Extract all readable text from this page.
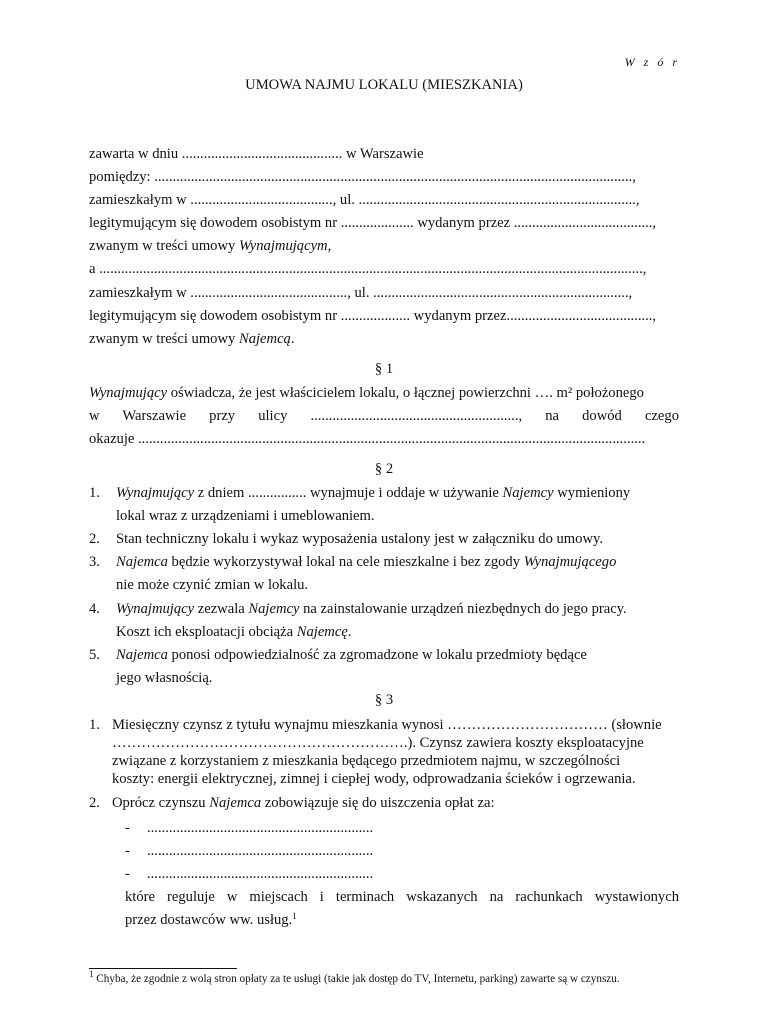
W z ó r
UMOWA NAJMU LOKALU (MIESZKANIA)
zawarta w dniu ............................................ w Warszawie
pomiędzy: ...................................................................................................................................,
zamieszkałym w ......................................., ul. ............................................................................,
legitymującym się dowodem osobistym nr .................... wydanym przez ......................................,
zwanym w treści umowy Wynajmującym,
a .....................................................................................................................................................,
zamieszkałym w ..........................................., ul. ......................................................................,
legitymującym się dowodem osobistym nr ................... wydanym przez........................................,
zwanym w treści umowy Najemcą.
§ 1
Wynajmujący oświadcza, że jest właścicielem lokalu, o łącznej powierzchni …. m² położonego
w Warszawie przy ulicy ........................................................., na dowód czego
okazuje ...........................................................................................................................................
§ 2
1. Wynajmujący z dniem ................ wynajmuje i oddaje w używanie Najemcy wymieniony
lokal wraz z urządzeniami i umeblowaniem.
2. Stan techniczny lokalu i wykaz wyposażenia ustalony jest w załączniku do umowy.
3. Najemca będzie wykorzystywał lokal na cele mieszkalne i bez zgody Wynajmującego
nie może czynić zmian w lokalu.
4. Wynajmujący zezwala Najemcy na zainstalowanie urządzeń niezbędnych do jego pracy.
Koszt ich eksploatacji obciąża Najemcę.
5. Najemca ponosi odpowiedzialność za zgromadzone w lokalu przedmioty będące
jego własnością.
§ 3
1. Miesięczny czynsz z tytułu wynajmu mieszkania wynosi …………………………… (słownie
…………………………………………………….). Czynsz zawiera koszty eksploatacyjne
związane z korzystaniem z mieszkania będącego przedmiotem najmu, w szczególności
koszty: energii elektrycznej, zimnej i ciepłej wody, odprowadzania ścieków i ogrzewania.
2. Oprócz czynszu Najemca zobowiązuje się do uiszczenia opłat za:
- ..............................................................
- ..............................................................
- ..............................................................
które reguluje w miejscach i terminach wskazanych na rachunkach wystawionych
przez dostawców ww. usług.$^1$
$^1$ Chyba, że zgodnie z wolą stron opłaty za te usługi (takie jak dostęp do TV, Internetu, parking) zawarte są w czynszu.
